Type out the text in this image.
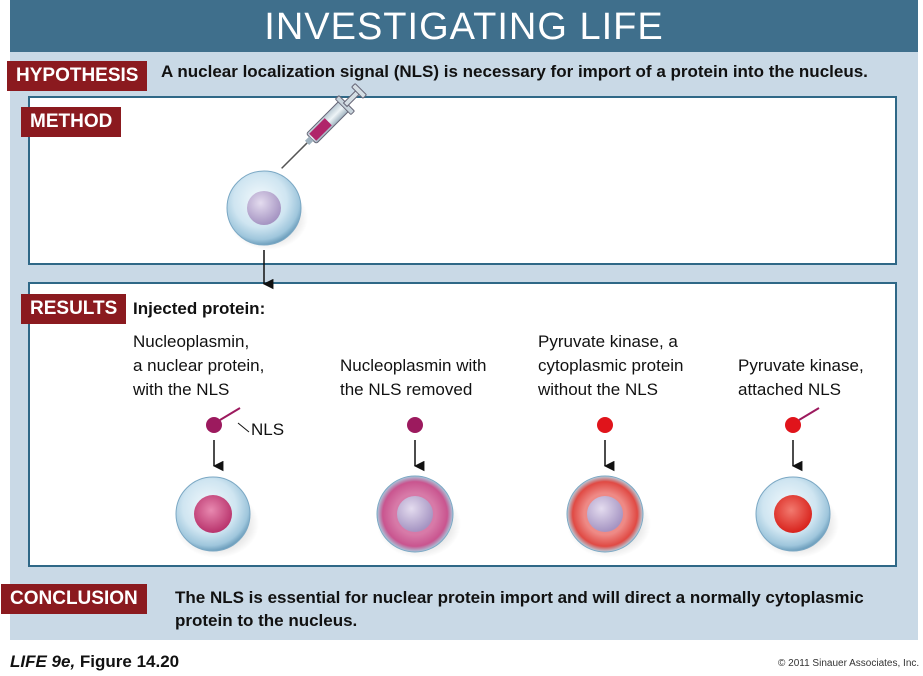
INVESTIGATING LIFE
HYPOTHESIS	A nuclear localization signal (NLS) is necessary for import of a protein into the nucleus.
METHOD
RESULTS Injected protein:
Nucleoplasmin,
a nuclear protein,
with the NLS
Nucleoplasmin with
the NLS removed
Pyruvate kinase, a
cytoplasmic protein
without the NLS
Pyruvate kinase,
attached NLS
NLS
CONCLUSION	The NLS is essential for nuclear protein import and will direct a normally cytoplasmic protein to the nucleus.
LIFE 9e, Figure 14.20	© 2011 Sinauer Associates, Inc.
